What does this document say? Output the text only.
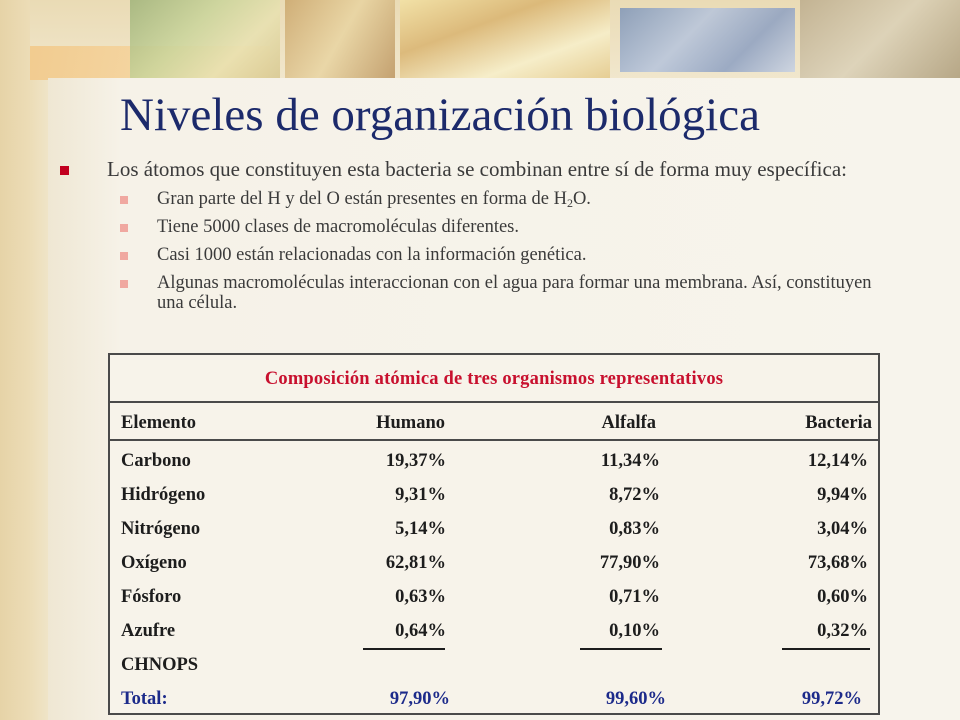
Niveles de organización biológica
Los átomos que constituyen esta bacteria se combinan entre sí de forma muy específica:
Gran parte del H y del O están presentes en forma de $H_2O$.
Tiene 5000 clases de macromoléculas diferentes.
Casi 1000 están relacionadas con la información genética.
Algunas macromoléculas interaccionan con el agua para formar una membrana. Así, constituyen una célula.
Composición atómica de tres organismos representativos
Elemento	Humano	Alfalfa	Bacteria
Carbono	19,37%	11,34%	12,14%
Hidrógeno	9,31%	8,72%	9,94%
Nitrógeno	5,14%	0,83%	3,04%
Oxígeno	62,81%	77,90%	73,68%
Fósforo	0,63%	0,71%	0,60%
Azufre	0,64%	0,10%	0,32%
CHNOPS
Total:	97,90%	99,60%	99,72%
